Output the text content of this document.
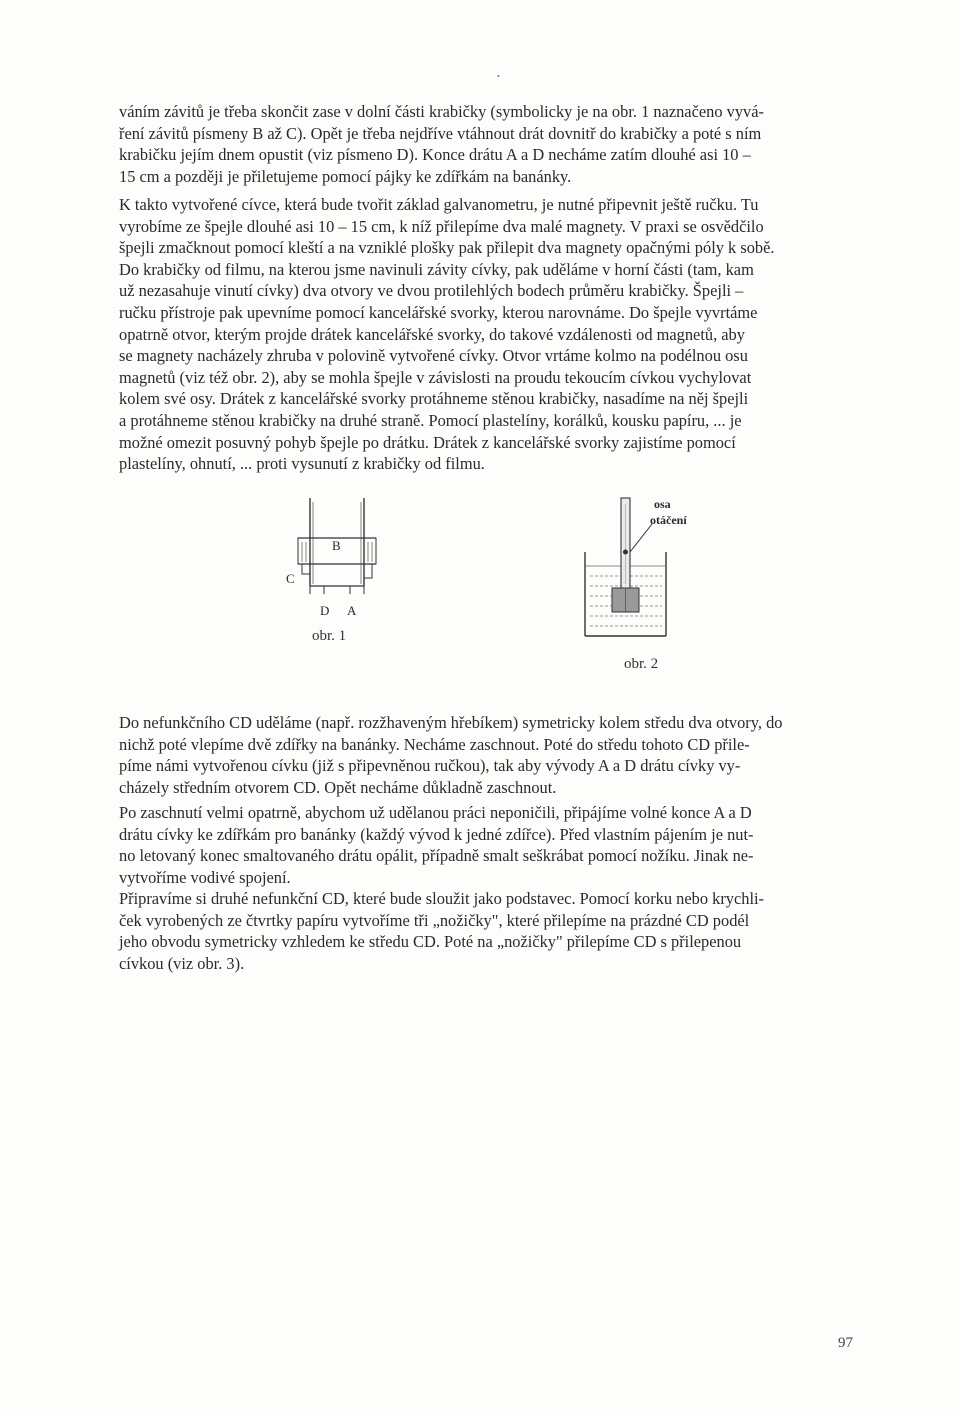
•

váním závitů je třeba skončit zase v dolní části krabičky (symbolicky je na obr. 1 naznačeno vyvá-
ření závitů písmeny B až C). Opět je třeba nejdříve vtáhnout drát dovnitř do krabičky a poté s ním
krabičku jejím dnem opustit (viz písmeno D). Konce drátu A a D necháme zatím dlouhé asi 10 –
15 cm a později je přiletujeme pomocí pájky ke zdířkám na banánky.

K takto vytvořené cívce, která bude tvořit základ galvanometru, je nutné připevnit ještě ručku. Tu
vyrobíme ze špejle dlouhé asi 10 – 15 cm, k níž přilepíme dva malé magnety. V praxi se osvědčilo
špejli zmačknout pomocí kleští a na vzniklé plošky pak přilepit dva magnety opačnými póly k sobě.
Do krabičky od filmu, na kterou jsme navinuli závity cívky, pak uděláme v horní části (tam, kam
už nezasahuje vinutí cívky) dva otvory ve dvou protilehlých bodech průměru krabičky. Špejli –
ručku přístroje pak upevníme pomocí kancelářské svorky, kterou narovnáme. Do špejle vyvrtáme
opatrně otvor, kterým projde drátek kancelářské svorky, do takové vzdálenosti od magnetů, aby
se magnety nacházely zhruba v polovině vytvořené cívky. Otvor vrtáme kolmo na podélnou osu
magnetů (viz též obr. 2), aby se mohla špejle v závislosti na proudu tekoucím cívkou vychylovat
kolem své osy. Drátek z kancelářské svorky protáhneme stěnou krabičky, nasadíme na něj špejli
a protáhneme stěnou krabičky na druhé straně. Pomocí plastelíny, korálků, kousku papíru, ... je
možné omezit posuvný pohyb špejle po drátku. Drátek z kancelářské svorky zajistíme pomocí
plastelíny, ohnutí, ... proti vysunutí z krabičky od filmu.

B
C
D A
obr. 1
osa
otáčení
obr. 2

Do nefunkčního CD uděláme (např. rozžhaveným hřebíkem) symetricky kolem středu dva otvory, do
nichž poté vlepíme dvě zdířky na banánky. Necháme zaschnout. Poté do středu tohoto CD přile-
píme námi vytvořenou cívku (již s připevněnou ručkou), tak aby vývody A a D drátu cívky vy-
cházely středním otvorem CD. Opět necháme důkladně zaschnout.

Po zaschnutí velmi opatrně, abychom už udělanou práci neponičili, připájíme volné konce A a D
drátu cívky ke zdířkám pro banánky (každý vývod k jedné zdířce). Před vlastním pájením je nut-
no letovaný konec smaltovaného drátu opálit, případně smalt seškrábat pomocí nožíku. Jinak ne-
vytvoříme vodivé spojení.

Připravíme si druhé nefunkční CD, které bude sloužit jako podstavec. Pomocí korku nebo krychli-
ček vyrobených ze čtvrtky papíru vytvoříme tři „nožičky", které přilepíme na prázdné CD podél
jeho obvodu symetricky vzhledem ke středu CD. Poté na „nožičky" přilepíme CD s přilepenou
cívkou (viz obr. 3).

97
